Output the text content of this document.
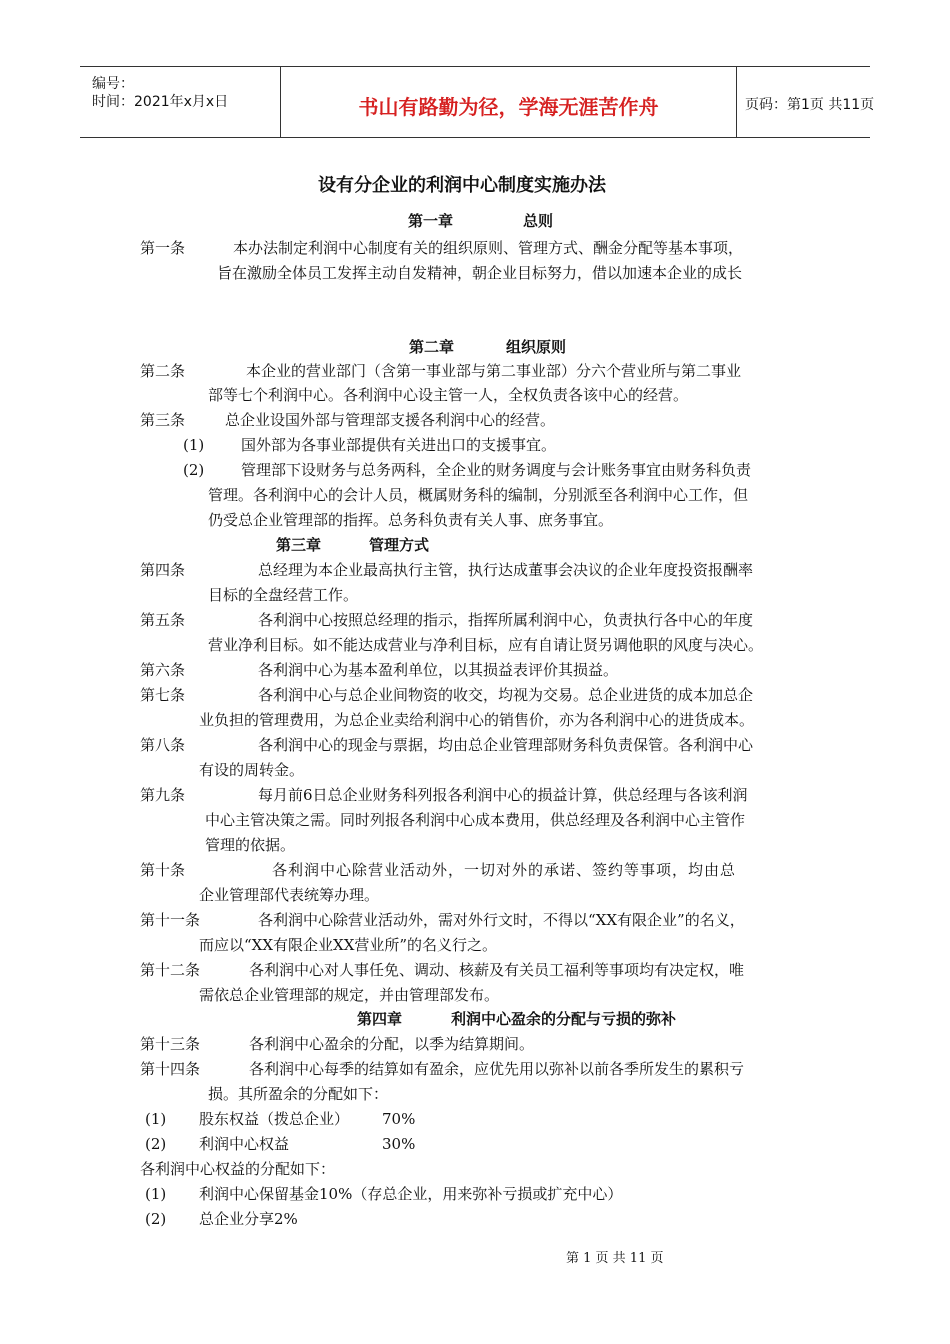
编号：
时间：2021年x月x日	书山有路勤为径，学海无涯苦作舟	页码：第1页 共11页
设有分企业的利润中心制度实施办法
第一章	总则
第一条	本办法制定利润中心制度有关的组织原则、管理方式、酬金分配等基本事项，
旨在激励全体员工发挥主动自发精神，朝企业目标努力，借以加速本企业的成长
第二章	组织原则
第二条	本企业的营业部门（含第一事业部与第二事业部）分六个营业所与第二事业
部等七个利润中心。各利润中心设主管一人，全权负责各该中心的经营。
第三条	总企业设国外部与管理部支援各利润中心的经营。
(1) 国外部为各事业部提供有关进出口的支援事宜。
(2) 管理部下设财务与总务两科，全企业的财务调度与会计账务事宜由财务科负责
管理。各利润中心的会计人员，概属财务科的编制，分别派至各利润中心工作，但
仍受总企业管理部的指挥。总务科负责有关人事、庶务事宜。
第三章	管理方式
第四条	总经理为本企业最高执行主管，执行达成董事会决议的企业年度投资报酬率
目标的全盘经营工作。
第五条	各利润中心按照总经理的指示，指挥所属利润中心，负责执行各中心的年度
营业净利目标。如不能达成营业与净利目标，应有自请让贤另调他职的风度与决心。
第六条	各利润中心为基本盈利单位，以其损益表评价其损益。
第七条	各利润中心与总企业间物资的收交，均视为交易。总企业进货的成本加总企
业负担的管理费用，为总企业卖给利润中心的销售价，亦为各利润中心的进货成本。
第八条	各利润中心的现金与票据，均由总企业管理部财务科负责保管。各利润中心
有设的周转金。
第九条	每月前6日总企业财务科列报各利润中心的损益计算，供总经理与各该利润
中心主管决策之需。同时列报各利润中心成本费用，供总经理及各利润中心主管作
管理的依据。
第十条	各利润中心除营业活动外，一切对外的承诺、签约等事项，均由总
企业管理部代表统筹办理。
第十一条	各利润中心除营业活动外，需对外行文时，不得以“XX有限企业”的名义，
而应以“XX有限企业XX营业所”的名义行之。
第十二条	各利润中心对人事任免、调动、核薪及有关员工福利等事项均有决定权，唯
需依总企业管理部的规定，并由管理部发布。
第四章	利润中心盈余的分配与亏损的弥补
第十三条	各利润中心盈余的分配，以季为结算期间。
第十四条	各利润中心每季的结算如有盈余，应优先用以弥补以前各季所发生的累积亏
损。其所盈余的分配如下：
(1) 股东权益（拨总企业） 70%
(2) 利润中心权益	30%
各利润中心权益的分配如下：
(1) 利润中心保留基金10%（存总企业，用来弥补亏损或扩充中心）
(2) 总企业分享2%
第 1 页 共 11 页
